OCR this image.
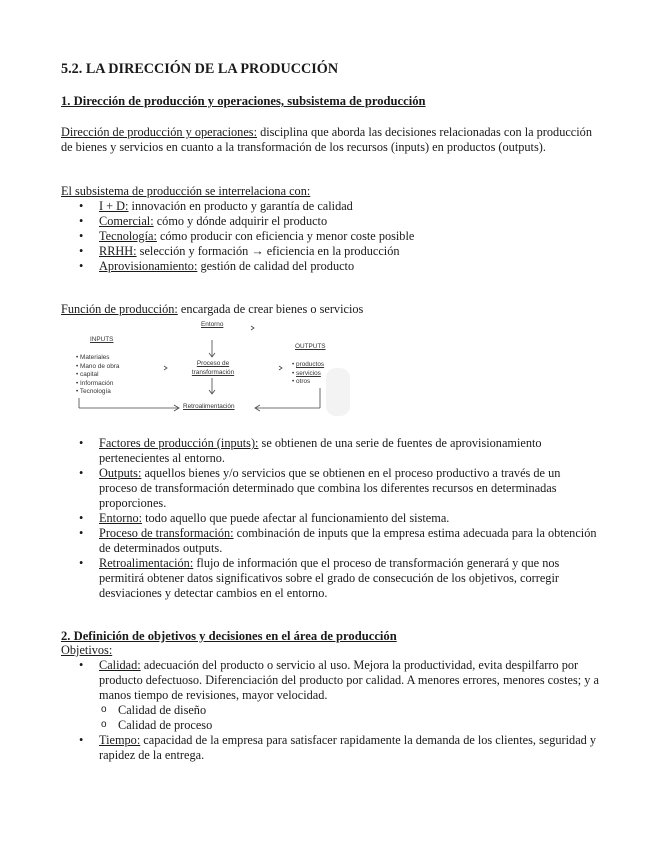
5.2. LA DIRECCIÓN DE LA PRODUCCIÓN
1. Dirección de producción y operaciones, subsistema de producción
Dirección de producción y operaciones: disciplina que aborda las decisiones relacionadas con la producción de bienes y servicios en cuanto a la transformación de los recursos (inputs) en productos (outputs).
El subsistema de producción se interrelaciona con:
• I + D: innovación en producto y garantía de calidad
• Comercial: cómo y dónde adquirir el producto
• Tecnología: cómo producir con eficiencia y menor coste posible
• RRHH: selección y formación → eficiencia en la producción
• Aprovisionamiento: gestión de calidad del producto
Función de producción: encargada de crear bienes o servicios
Entorno
INPUTS
• Materiales
• Mano de obra
• capital
• Información
• Tecnología
Proceso de transformación
OUTPUTS
• productos
• servicios
• otros
Retroalimentación
• Factores de producción (inputs): se obtienen de una serie de fuentes de aprovisionamiento pertenecientes al entorno.
• Outputs: aquellos bienes y/o servicios que se obtienen en el proceso productivo a través de un proceso de transformación determinado que combina los diferentes recursos en determinadas proporciones.
• Entorno: todo aquello que puede afectar al funcionamiento del sistema.
• Proceso de transformación: combinación de inputs que la empresa estima adecuada para la obtención de determinados outputs.
• Retroalimentación: flujo de información que el proceso de transformación generará y que nos permitirá obtener datos significativos sobre el grado de consecución de los objetivos, corregir desviaciones y detectar cambios en el entorno.
2. Definición de objetivos y decisiones en el área de producción
Objetivos:
• Calidad: adecuación del producto o servicio al uso. Mejora la productividad, evita despilfarro por producto defectuoso. Diferenciación del producto por calidad. A menores errores, menores costes; y a manos tiempo de revisiones, mayor velocidad.
o Calidad de diseño
o Calidad de proceso
• Tiempo: capacidad de la empresa para satisfacer rapidamente la demanda de los clientes, seguridad y rapidez de la entrega.
